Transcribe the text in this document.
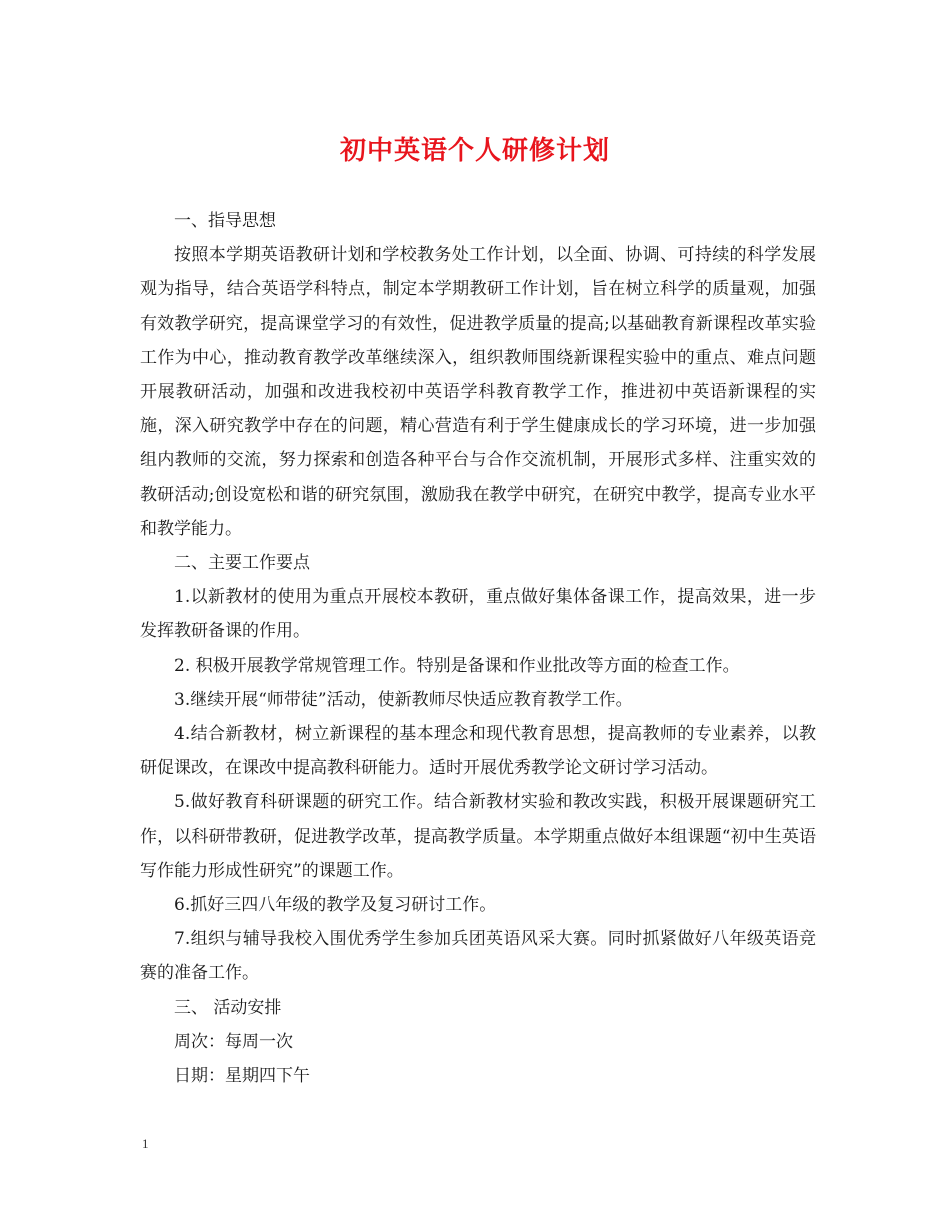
初中英语个人研修计划

一、指导思想

按照本学期英语教研计划和学校教务处工作计划，以全面、协调、可持续的科学发展观为指导，结合英语学科特点，制定本学期教研工作计划，旨在树立科学的质量观，加强有效教学研究，提高课堂学习的有效性，促进教学质量的提高;以基础教育新课程改革实验工作为中心，推动教育教学改革继续深入，组织教师围绕新课程实验中的重点、难点问题开展教研活动，加强和改进我校初中英语学科教育教学工作，推进初中英语新课程的实施，深入研究教学中存在的问题，精心营造有利于学生健康成长的学习环境，进一步加强组内教师的交流，努力探索和创造各种平台与合作交流机制，开展形式多样、注重实效的教研活动;创设宽松和谐的研究氛围，激励我在教学中研究，在研究中教学，提高专业水平和教学能力。

二、主要工作要点

1.以新教材的使用为重点开展校本教研，重点做好集体备课工作，提高效果，进一步发挥教研备课的作用。

2. 积极开展教学常规管理工作。特别是备课和作业批改等方面的检查工作。

3.继续开展“师带徒”活动，使新教师尽快适应教育教学工作。

4.结合新教材，树立新课程的基本理念和现代教育思想，提高教师的专业素养，以教研促课改，在课改中提高教科研能力。适时开展优秀教学论文研讨学习活动。

5.做好教育科研课题的研究工作。结合新教材实验和教改实践，积极开展课题研究工作，以科研带教研，促进教学改革，提高教学质量。本学期重点做好本组课题“初中生英语写作能力形成性研究”的课题工作。

6.抓好三四八年级的教学及复习研讨工作。

7.组织与辅导我校入围优秀学生参加兵团英语风采大赛。同时抓紧做好八年级英语竞赛的准备工作。

三、 活动安排

周次：每周一次

日期：星期四下午

1
